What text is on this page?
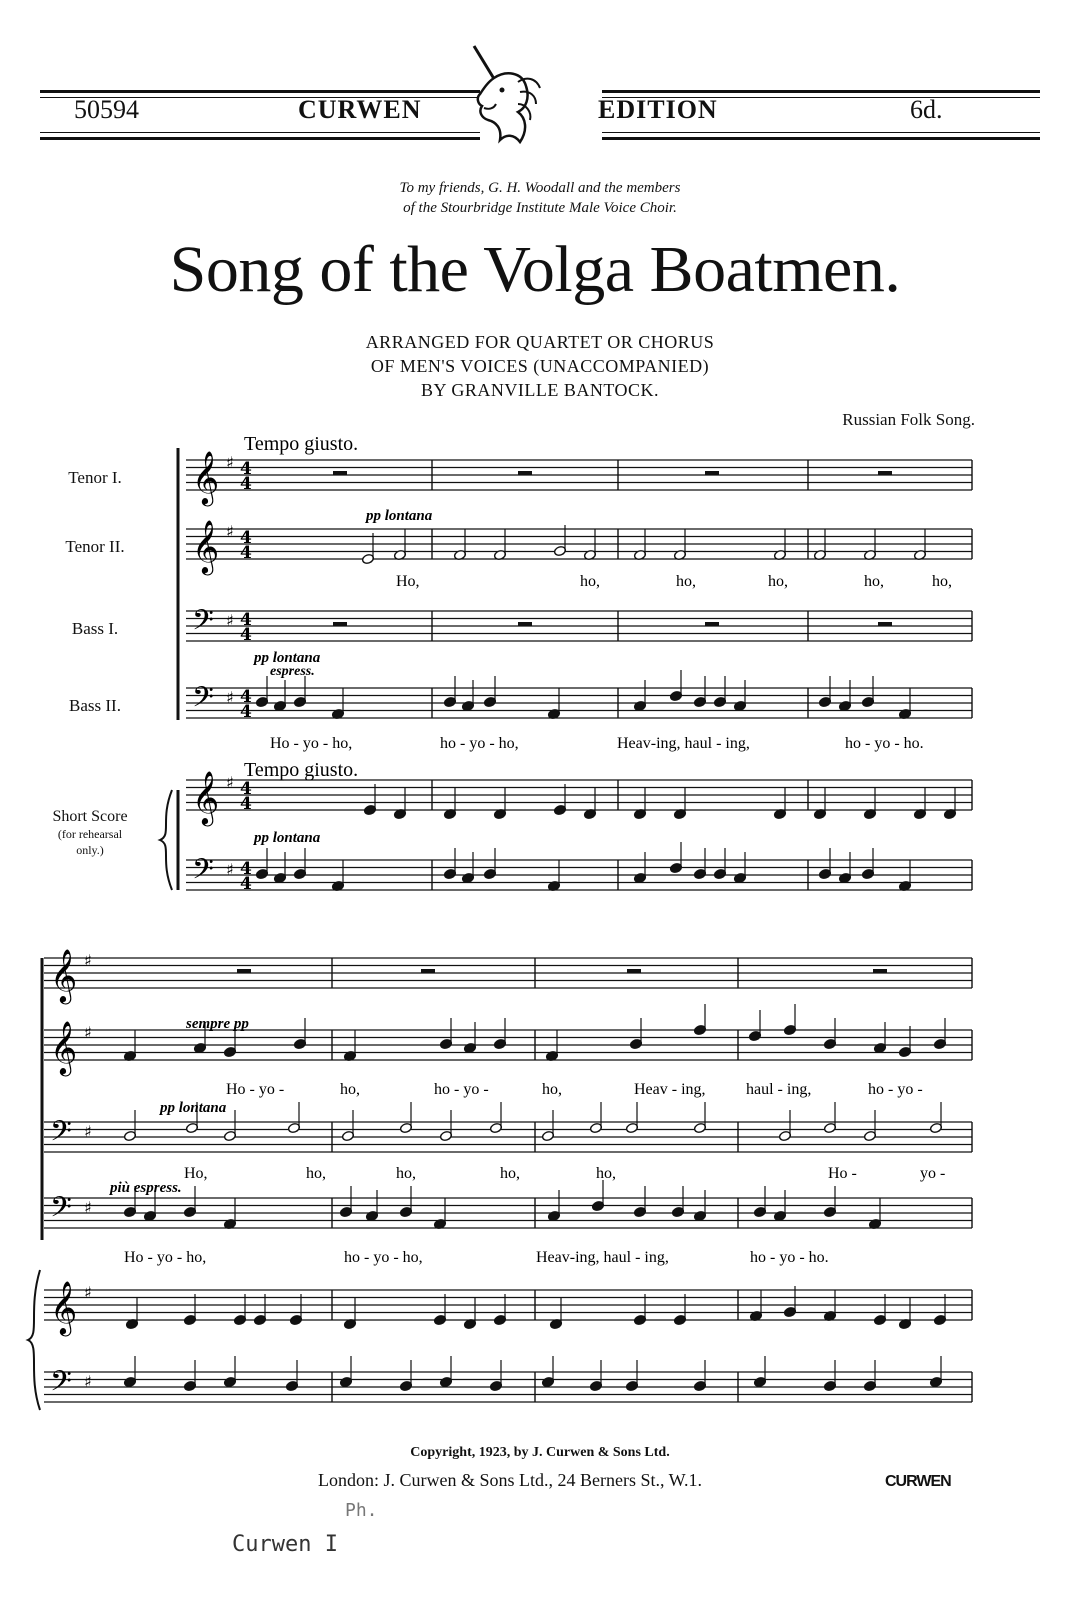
50594	CURWEN	EDITION	6d.
To my friends, G. H. Woodall and the members
of the Stourbridge Institute Male Voice Choir.
Song of the Volga Boatmen.
ARRANGED FOR QUARTET OR CHORUS
OF MEN'S VOICES (UNACCOMPANIED)
BY GRANVILLE BANTOCK.
Russian Folk Song.
Tenor I.
Tenor II.
Bass I.
Bass II.
Short Score
(for rehearsal
only.)
𝄞 ♯ 4
4
𝄞 ♯ 4
4
𝄢 ♯ 4
4
𝄢 ♯ 4
4
𝄞 ♯ 4
4
𝄢 ♯ 4
4
𝄞 ♯
𝄞 ♯
𝄢 ♯
𝄢 ♯
𝄞 ♯
𝄢 ♯
Tempo giusto.
Tempo giusto.
pp lontana
pp lontana
espress.
pp lontana
sempre pp
pp lontana
più espress.
Ho,	ho,	ho,	ho,	ho,	ho,
Ho - yo - ho,	ho - yo - ho,	Heav-ing, haul - ing,	ho - yo - ho.
Ho - yo -	ho,	ho - yo -	ho,	Heav - ing,	haul - ing,	ho - yo -
Ho,	ho,	ho,	ho,	ho,	Ho -	yo -
Ho - yo - ho,	ho - yo - ho,	Heav-ing, haul - ing,	ho - yo - ho.
Copyright, 1923, by J. Curwen & Sons Ltd.
London: J. Curwen & Sons Ltd., 24 Berners St., W.1.	CURWEN
Ph.
Curwen I
